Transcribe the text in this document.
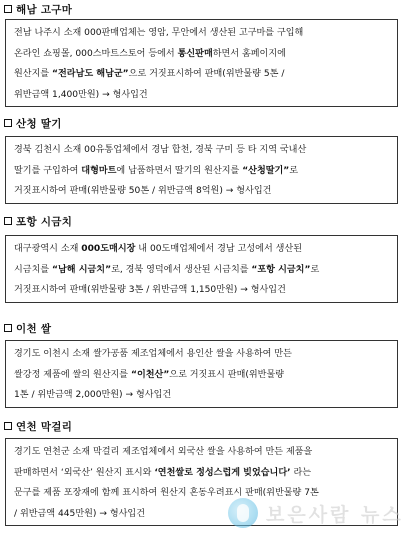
해남 고구마
전남 나주시 소재 000판매업체는 영암, 무안에서 생산된 고구마를 구입해
온라인 쇼핑몰, 000스마트스토어 등에서 통신판매하면서 홈페이지에
원산지를 “전라남도 해남군”으로 거짓표시하여 판매(위반물량 5톤 /
위반금액 1,400만원) → 형사입건
산청 딸기
경북 김천시 소재 00유통업체에서 경남 합천, 경북 구미 등 타 지역 국내산
딸기를 구입하여 대형마트에 납품하면서 딸기의 원산지를 “산청딸기”로
거짓표시하여 판매(위반물량 50톤 / 위반금액 8억원) → 형사입건
포항 시금치
대구광역시 소재 000도매시장 내 00도매업체에서 경남 고성에서 생산된
시금치를 “남해 시금치”로, 경북 영덕에서 생산된 시금치를 “포항 시금치”로
거짓표시하여 판매(위반물량 3톤 / 위반금액 1,150만원) → 형사입건
이천 쌀
경기도 이천시 소재 쌀가공품 제조업체에서 용인산 쌀을 사용하여 만든
쌀강정 제품에 쌀의 원산지를 “이천산”으로 거짓표시 판매(위반물량
1톤 / 위반금액 2,000만원) → 형사입건
연천 막걸리
경기도 연천군 소재 막걸리 제조업체에서 외국산 쌀을 사용하여 만든 제품을
판매하면서 ‘외국산’ 원산지 표시와 ‘연천쌀로 정성스럽게 빚었습니다’ 라는
문구를 제품 포장재에 함께 표시하여 원산지 혼동우려표시 판매(위반물량 7톤
/ 위반금액 445만원) → 형사입건	보은사람 뉴스
